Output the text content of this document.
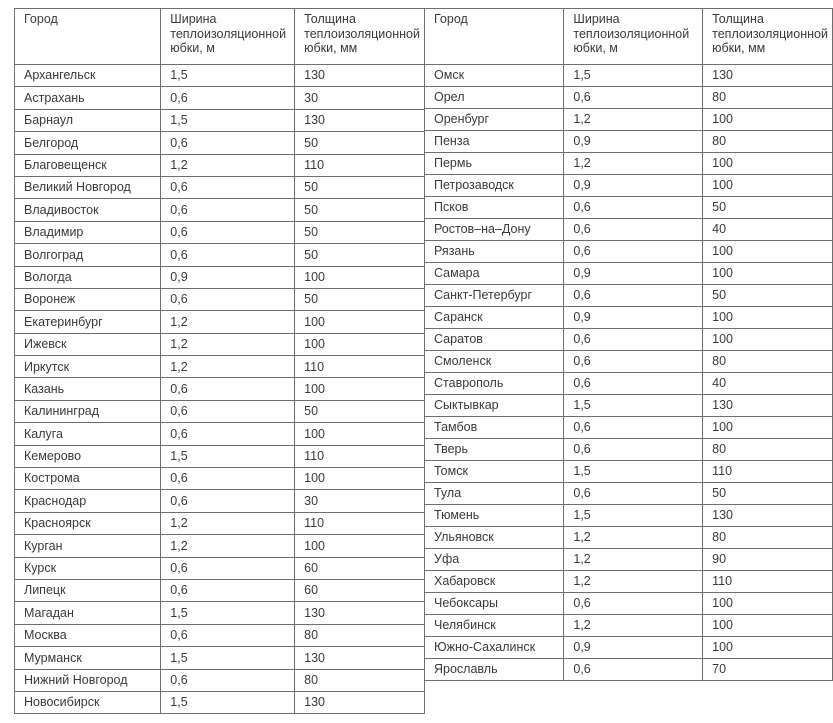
Город	Ширина теплоизоляционной юбки, м	Толщина теплоизоляционной юбки, мм
Архангельск	1,5	130
Астрахань	0,6	30
Барнаул	1,5	130
Белгород	0,6	50
Благовещенск	1,2	110
Великий Новгород	0,6	50
Владивосток	0,6	50
Владимир	0,6	50
Волгоград	0,6	50
Вологда	0,9	100
Воронеж	0,6	50
Екатеринбург	1,2	100
Ижевск	1,2	100
Иркутск	1,2	110
Казань	0,6	100
Калининград	0,6	50
Калуга	0,6	100
Кемерово	1,5	110
Кострома	0,6	100
Краснодар	0,6	30
Красноярск	1,2	110
Курган	1,2	100
Курск	0,6	60
Липецк	0,6	60
Магадан	1,5	130
Москва	0,6	80
Мурманск	1,5	130
Нижний Новгород	0,6	80
Новосибирск	1,5	130
Город	Ширина теплоизоляционной юбки, м	Толщина теплоизоляционной юбки, мм
Омск	1,5	130
Орел	0,6	80
Оренбург	1,2	100
Пенза	0,9	80
Пермь	1,2	100
Петрозаводск	0,9	100
Псков	0,6	50
Ростов–на–Дону	0,6	40
Рязань	0,6	100
Самара	0,9	100
Санкт-Петербург	0,6	50
Саранск	0,9	100
Саратов	0,6	100
Смоленск	0,6	80
Ставрополь	0,6	40
Сыктывкар	1,5	130
Тамбов	0,6	100
Тверь	0,6	80
Томск	1,5	110
Тула	0,6	50
Тюмень	1,5	130
Ульяновск	1,2	80
Уфа	1,2	90
Хабаровск	1,2	110
Чебоксары	0,6	100
Челябинск	1,2	100
Южно-Сахалинск	0,9	100
Ярославль	0,6	70
